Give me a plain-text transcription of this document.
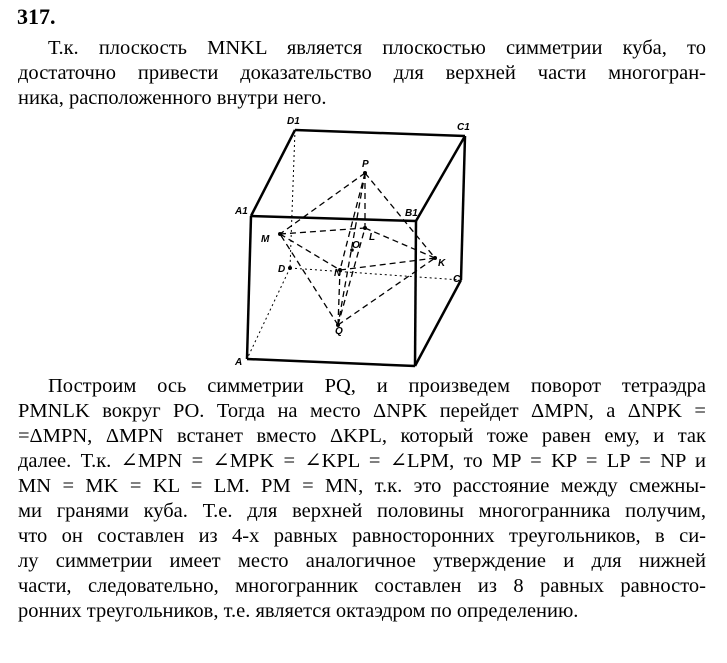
317.
Т.к. плоскость MNKL является плоскостью симметрии куба, то
достаточно привести доказательство для верхней части многогран-
ника, расположенного внутри него.
D1
C1
A1	B1
P
M	L
O
D	N
K
C
Q
A
Построим ось симметрии PQ, и произведем поворот тетраэдра
PMNLK вокруг PO. Тогда на место ΔNPK перейдет ΔMPN, а ΔNPK =
=ΔMPN, ΔMPN встанет вместо ΔKPL, который тоже равен ему, и так
далее. Т.к. ∠MPN = ∠MPK = ∠KPL = ∠LPM, то MP = KP = LP = NP и
MN = MK = KL = LM. PM = MN, т.к. это расстояние между смежны-
ми гранями куба. Т.е. для верхней половины многогранника получим,
что он составлен из 4-х равных равносторонних треугольников, в си-
лу симметрии имеет место аналогичное утверждение и для нижней
части, следовательно, многогранник составлен из 8 равных равносто-
ронних треугольников, т.е. является октаэдром по определению.
